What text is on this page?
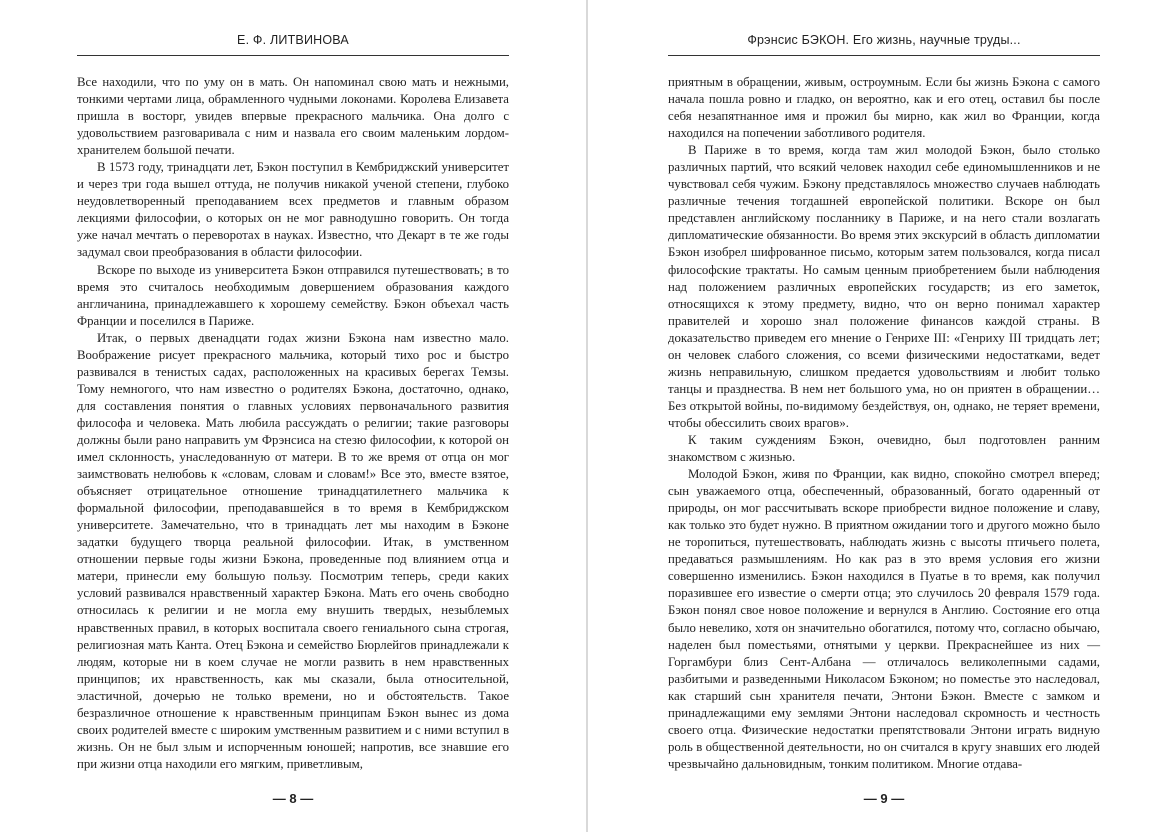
Е. Ф. ЛИТВИНОВА

Все находили, что по уму он в мать. Он напоминал свою мать и нежными, тонкими чертами лица, обрамленного чудными локонами. Королева Елизавета пришла в восторг, увидев впервые прекрасного мальчика. Она долго с удовольствием разговаривала с ним и назвала его своим маленьким лордом-хранителем большой печати.

В 1573 году, тринадцати лет, Бэкон поступил в Кембриджский университет и через три года вышел оттуда, не получив никакой ученой степени, глубоко неудовлетворенный преподаванием всех предметов и главным образом лекциями философии, о которых он не мог равнодушно говорить. Он тогда уже начал мечтать о переворотах в науках. Известно, что Декарт в те же годы задумал свои преобразования в области философии.

Вскоре по выходе из университета Бэкон отправился путешествовать; в то время это считалось необходимым довершением образования каждого англичанина, принадлежавшего к хорошему семейству. Бэкон объехал часть Франции и поселился в Париже.

Итак, о первых двенадцати годах жизни Бэкона нам известно мало. Воображение рисует прекрасного мальчика, который тихо рос и быстро развивался в тенистых садах, расположенных на красивых берегах Темзы. Тому немногого, что нам известно о родителях Бэкона, достаточно, однако, для составления понятия о главных условиях первоначального развития философа и человека. Мать любила рассуждать о религии; такие разговоры должны были рано направить ум Фрэнсиса на стезю философии, к которой он имел склонность, унаследованную от матери. В то же время от отца он мог заимствовать нелюбовь к «словам, словам и словам!» Все это, вместе взятое, объясняет отрицательное отношение тринадцатилетнего мальчика к формальной философии, преподававшейся в то время в Кембриджском университете. Замечательно, что в тринадцать лет мы находим в Бэконе задатки будущего творца реальной философии. Итак, в умственном отношении первые годы жизни Бэкона, проведенные под влиянием отца и матери, принесли ему большую пользу. Посмотрим теперь, среди каких условий развивался нравственный характер Бэкона. Мать его очень свободно относилась к религии и не могла ему внушить твердых, незыблемых нравственных правил, в которых воспитала своего гениального сына строгая, религиозная мать Канта. Отец Бэкона и семейство Бюрлейгов принадлежали к людям, которые ни в коем случае не могли развить в нем нравственных принципов; их нравственность, как мы сказали, была относительной, эластичной, дочерью не только времени, но и обстоятельств. Такое безразличное отношение к нравственным принципам Бэкон вынес из дома своих родителей вместе с широким умственным развитием и с ними вступил в жизнь. Он не был злым и испорченным юношей; напротив, все знавшие его при жизни отца находили его мягким, приветливым,

— 8 —
Фрэнсис БЭКОН. Его жизнь, научные труды...

приятным в обращении, живым, остроумным. Если бы жизнь Бэкона с самого начала пошла ровно и гладко, он вероятно, как и его отец, оставил бы после себя незапятнанное имя и прожил бы мирно, как жил во Франции, когда находился на попечении заботливого родителя.

В Париже в то время, когда там жил молодой Бэкон, было столько различных партий, что всякий человек находил себе единомышленников и не чувствовал себя чужим. Бэкону представлялось множество случаев наблюдать различные течения тогдашней европейской политики. Вскоре он был представлен английскому посланнику в Париже, и на него стали возлагать дипломатические обязанности. Во время этих экскурсий в область дипломатии Бэкон изобрел шифрованное письмо, которым затем пользовался, когда писал философские трактаты. Но самым ценным приобретением были наблюдения над положением различных европейских государств; из его заметок, относящихся к этому предмету, видно, что он верно понимал характер правителей и хорошо знал положение финансов каждой страны. В доказательство приведем его мнение о Генрихе III: «Генриху III тридцать лет; он человек слабого сложения, со всеми физическими недостатками, ведет жизнь неправильную, слишком предается удовольствиям и любит только танцы и празднества. В нем нет большого ума, но он приятен в обращении… Без открытой войны, по-видимому бездействуя, он, однако, не теряет времени, чтобы обессилить своих врагов».

К таким суждениям Бэкон, очевидно, был подготовлен ранним знакомством с жизнью.

Молодой Бэкон, живя по Франции, как видно, спокойно смотрел вперед; сын уважаемого отца, обеспеченный, образованный, богато одаренный от природы, он мог рассчитывать вскоре приобрести видное положение и славу, как только это будет нужно. В приятном ожидании того и другого можно было не торопиться, путешествовать, наблюдать жизнь с высоты птичьего полета, предаваться размышлениям. Но как раз в это время условия его жизни совершенно изменились. Бэкон находился в Пуатье в то время, как получил поразившее его известие о смерти отца; это случилось 20 февраля 1579 года. Бэкон понял свое новое положение и вернулся в Англию. Состояние его отца было невелико, хотя он значительно обогатился, потому что, согласно обычаю, наделен был поместьями, отнятыми у церкви. Прекраснейшее из них — Горгамбури близ Сент-Албана — отличалось великолепными садами, разбитыми и разведенными Николасом Бэконом; но поместье это наследовал, как старший сын хранителя печати, Энтони Бэкон. Вместе с замком и принадлежащими ему землями Энтони наследовал скромность и честность своего отца. Физические недостатки препятствовали Энтони играть видную роль в общественной деятельности, но он считался в кругу знавших его людей чрезвычайно дальновидным, тонким политиком. Многие отдава-

— 9 —
